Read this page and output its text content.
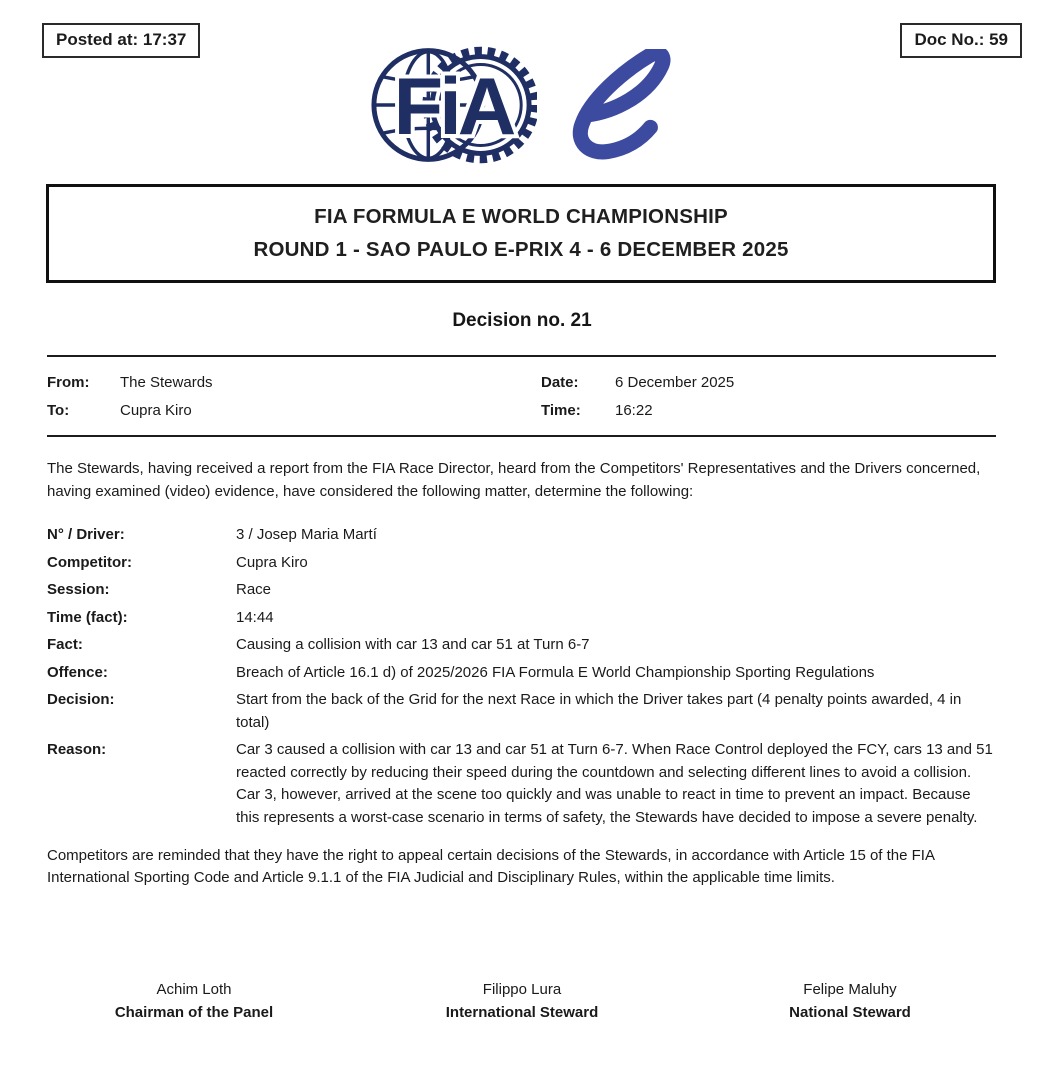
Posted at: 17:37	Doc No.: 59
FiA
FIA FORMULA E WORLD CHAMPIONSHIP
ROUND 1 - SAO PAULO E-PRIX 4 - 6 DECEMBER 2025
Decision no. 21
From:	The Stewards	Date:	6 December 2025
To:	Cupra Kiro	Time:	16:22

The Stewards, having received a report from the FIA Race Director, heard from the Competitors' Representatives and the Drivers concerned, having examined (video) evidence, have considered the following matter, determine the following:

N° / Driver:	3 / Josep Maria Martí
Competitor:	Cupra Kiro
Session:	Race
Time (fact):	14:44
Fact:	Causing a collision with car 13 and car 51 at Turn 6-7
Offence:	Breach of Article 16.1 d) of 2025/2026 FIA Formula E World Championship Sporting Regulations
Decision:	Start from the back of the Grid for the next Race in which the Driver takes part (4 penalty points awarded, 4 in total)
Reason:	Car 3 caused a collision with car 13 and car 51 at Turn 6-7. When Race Control deployed the FCY, cars 13 and 51 reacted correctly by reducing their speed during the countdown and selecting different lines to avoid a collision. Car 3, however, arrived at the scene too quickly and was unable to react in time to prevent an impact. Because this represents a worst-case scenario in terms of safety, the Stewards have decided to impose a severe penalty.

Competitors are reminded that they have the right to appeal certain decisions of the Stewards, in accordance with Article 15 of the FIA International Sporting Code and Article 9.1.1 of the FIA Judicial and Disciplinary Rules, within the applicable time limits.

Achim Loth
Chairman of the Panel
Filippo Lura
International Steward
Felipe Maluhy
National Steward
